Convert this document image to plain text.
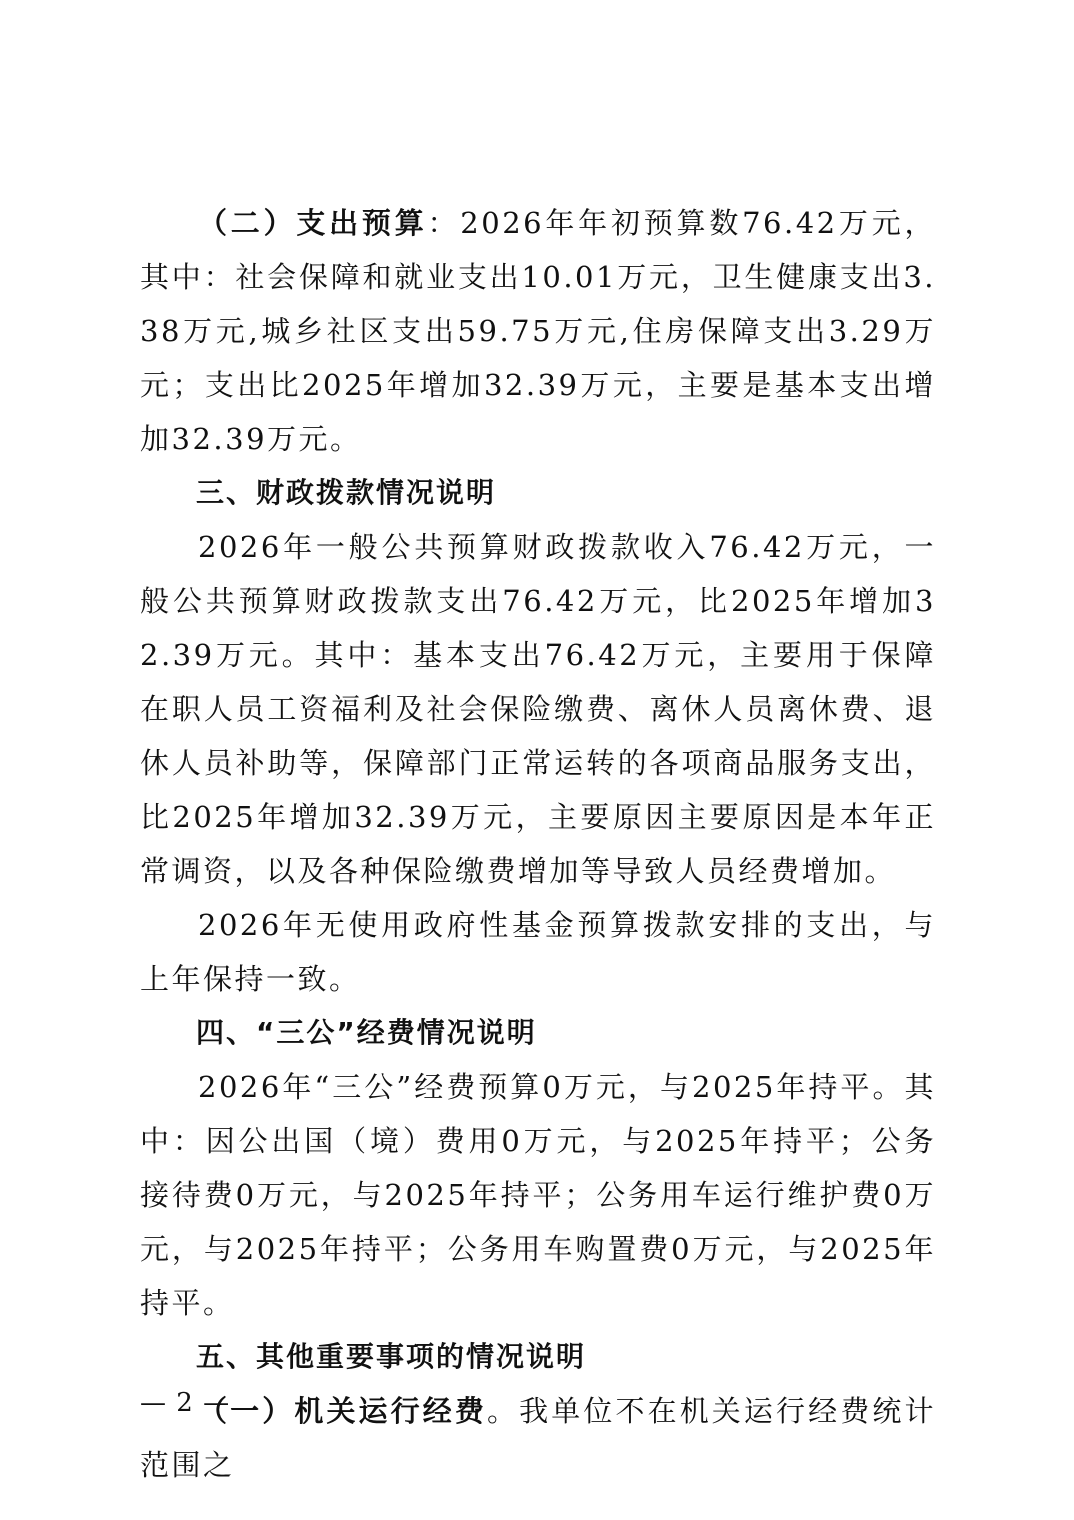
（二）支出预算：2026年年初预算数76.42万元，其中：社会保障和就业支出10.01万元，卫生健康支出3.38万元,城乡社区支出59.75万元,住房保障支出3.29万元；支出比2025年增加32.39万元，主要是基本支出增加32.39万元。

三、财政拨款情况说明

2026年一般公共预算财政拨款收入76.42万元，一般公共预算财政拨款支出76.42万元，比2025年增加32.39万元。其中：基本支出76.42万元，主要用于保障在职人员工资福利及社会保险缴费、离休人员离休费、退休人员补助等，保障部门正常运转的各项商品服务支出，比2025年增加32.39万元，主要原因主要原因是本年正常调资，以及各种保险缴费增加等导致人员经费增加。

2026年无使用政府性基金预算拨款安排的支出，与上年保持一致。

四、“三公”经费情况说明

2026年“三公”经费预算0万元，与2025年持平。其中：因公出国（境）费用0万元，与2025年持平；公务接待费0万元，与2025年持平；公务用车运行维护费0万元，与2025年持平；公务用车购置费0万元，与2025年持平。

五、其他重要事项的情况说明

（一）机关运行经费。我单位不在机关运行经费统计范围之

— 2 —
